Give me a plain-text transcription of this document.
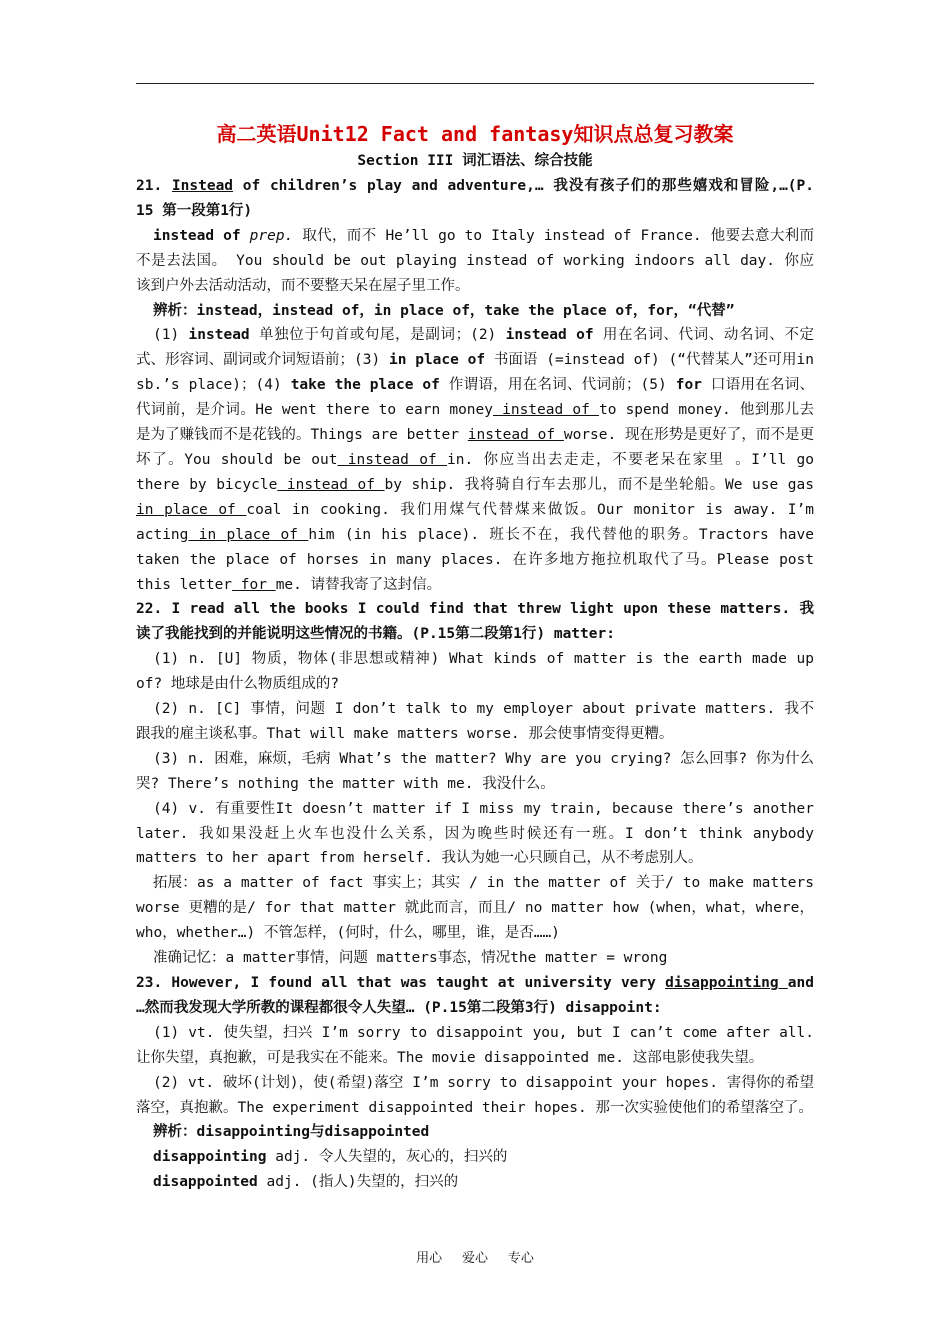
高二英语Unit12 Fact and fantasy知识点总复习教案
Section III 词汇语法、综合技能

21. Instead of children’s play and adventure,… 我没有孩子们的那些嬉戏和冒险,…(P. 15 第一段第1行)

instead of prep. 取代，而不 He’ll go to Italy instead of France. 他要去意大利而不是去法国。 You should be out playing instead of working indoors all day. 你应该到户外去活动活动，而不要整天呆在屋子里工作。

辨析：instead，instead of，in place of，take the place of，for，“代替”

(1) instead 单独位于句首或句尾，是副词；(2) instead of 用在名词、代词、动名词、不定式、形容词、副词或介词短语前；(3) in place of 书面语 (=instead of) (“代替某人”还可用in sb.’s place)；(4) take the place of 作谓语，用在名词、代词前；(5) for 口语用在名词、代词前，是介词。He went there to earn money instead of to spend money. 他到那儿去是为了赚钱而不是花钱的。Things are better instead of worse. 现在形势是更好了，而不是更坏了。You should be out instead of in. 你应当出去走走，不要老呆在家里 。I’ll go there by bicycle instead of by ship. 我将骑自行车去那儿，而不是坐轮船。We use gas in place of coal in cooking. 我们用煤气代替煤来做饭。Our monitor is away. I’m acting in place of him (in his place). 班长不在，我代替他的职务。Tractors have taken the place of horses in many places. 在许多地方拖拉机取代了马。Please post this letter for me. 请替我寄了这封信。

22. I read all the books I could find that threw light upon these matters. 我读了我能找到的并能说明这些情况的书籍。(P.15第二段第1行) matter:

(1) n. [U] 物质，物体(非思想或精神) What kinds of matter is the earth made up of? 地球是由什么物质组成的?

(2) n. [C] 事情，问题 I don’t talk to my employer about private matters. 我不跟我的雇主谈私事。That will make matters worse. 那会使事情变得更糟。

(3) n. 困难，麻烦，毛病 What’s the matter? Why are you crying? 怎么回事? 你为什么哭? There’s nothing the matter with me. 我没什么。

(4) v. 有重要性It doesn’t matter if I miss my train, because there’s another later. 我如果没赶上火车也没什么关系，因为晚些时候还有一班。I don’t think anybody matters to her apart from herself. 我认为她一心只顾自己，从不考虑别人。

拓展：as a matter of fact 事实上；其实 / in the matter of 关于/ to make matters worse 更糟的是/ for that matter 就此而言，而且/ no matter how (when，what，where，who，whether…) 不管怎样，(何时，什么，哪里，谁，是否……)

准确记忆：a matter事情，问题 matters事态，情况the matter = wrong

23. However, I found all that was taught at university very disappointing and …然而我发现大学所教的课程都很令人失望… (P.15第二段第3行) disappoint:

(1) vt. 使失望，扫兴 I’m sorry to disappoint you, but I can’t come after all. 让你失望，真抱歉，可是我实在不能来。The movie disappointed me. 这部电影使我失望。

(2) vt. 破坏(计划)，使(希望)落空 I’m sorry to disappoint your hopes. 害得你的希望落空，真抱歉。The experiment disappointed their hopes. 那一次实验使他们的希望落空了。

辨析：disappointing与disappointed

disappointing adj. 令人失望的，灰心的，扫兴的

disappointed adj. (指人)失望的，扫兴的

用心 爱心 专心
